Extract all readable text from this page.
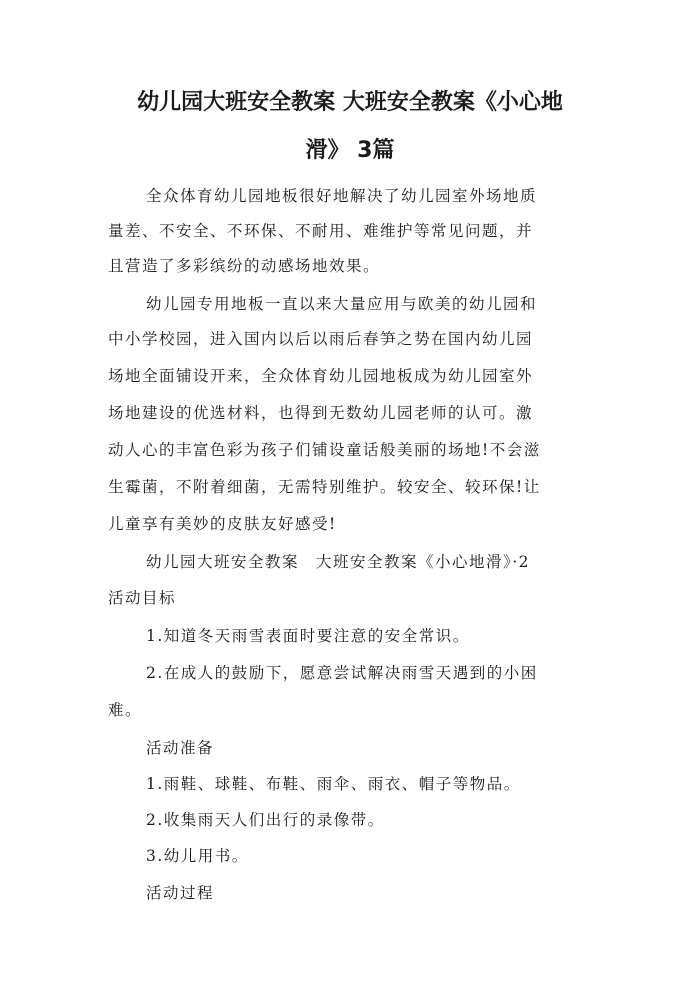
幼儿园大班安全教案 大班安全教案《小心地
滑》 3篇

全众体育幼儿园地板很好地解决了幼儿园室外场地质

量差、不安全、不环保、不耐用、难维护等常见问题，并

且营造了多彩缤纷的动感场地效果。

幼儿园专用地板一直以来大量应用与欧美的幼儿园和

中小学校园，进入国内以后以雨后春笋之势在国内幼儿园

场地全面铺设开来，全众体育幼儿园地板成为幼儿园室外

场地建设的优选材料，也得到无数幼儿园老师的认可。激

动人心的丰富色彩为孩子们铺设童话般美丽的场地!不会滋

生霉菌，不附着细菌，无需特别维护。较安全、较环保!让

儿童享有美妙的皮肤友好感受!

幼儿园大班安全教案　大班安全教案《小心地滑》·2

活动目标

1.知道冬天雨雪表面时要注意的安全常识。

2.在成人的鼓励下，愿意尝试解决雨雪天遇到的小困

难。

活动准备

1.雨鞋、球鞋、布鞋、雨伞、雨衣、帽子等物品。

2.收集雨天人们出行的录像带。

3.幼儿用书。

活动过程
